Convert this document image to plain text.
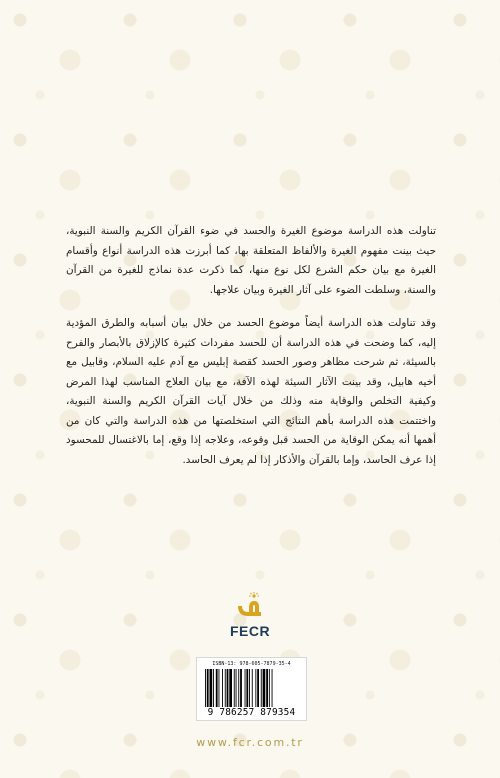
تناولت هذه الدراسة موضوع الغيرة والحسد في ضوء القرآن الكريم والسنة النبوية، حيث بينت مفهوم الغيرة والألفاظ المتعلقة بها، كما أبرزت هذه الدراسة أنواع وأقسام الغيرة مع بيان حكم الشرع لكل نوع منها، كما ذكرت عدة نماذج للغيرة من القرآن والسنة، وسلطت الضوء على آثار الغيرة وبيان علاجها.

وقد تناولت هذه الدراسة أيضاً موضوع الحسد من خلال بيان أسبابه والطرق المؤدية إليه، كما وضحت في هذه الدراسة أن للحسد مفردات كثيرة كالإزلاق بالأبصار والفرح بالسيئة، ثم شرحت مظاهر وصور الحسد كقصة إبليس مع آدم عليه السلام، وقابيل مع أخيه هابيل، وقد بينت الآثار السيئة لهذه الآفة، مع بيان العلاج المناسب لهذا المرض وكيفية التخلص والوقاية منه وذلك من خلال آيات القرآن الكريم والسنة النبوية، واختتمت هذه الدراسة بأهم النتائج التي استخلصتها من هذه الدراسة والتي كان من أهمها أنه يمكن الوقاية من الحسد قبل وقوعه، وعلاجه إذا وقع، إما بالاغتسال للمحسود إذا عرف الحاسد، وإما بالقرآن والأذكار إذا لم يعرف الحاسد.

FECR
ISBN-13: 978-605-7879-35-4
9 786257 879354
www.fcr.com.tr
